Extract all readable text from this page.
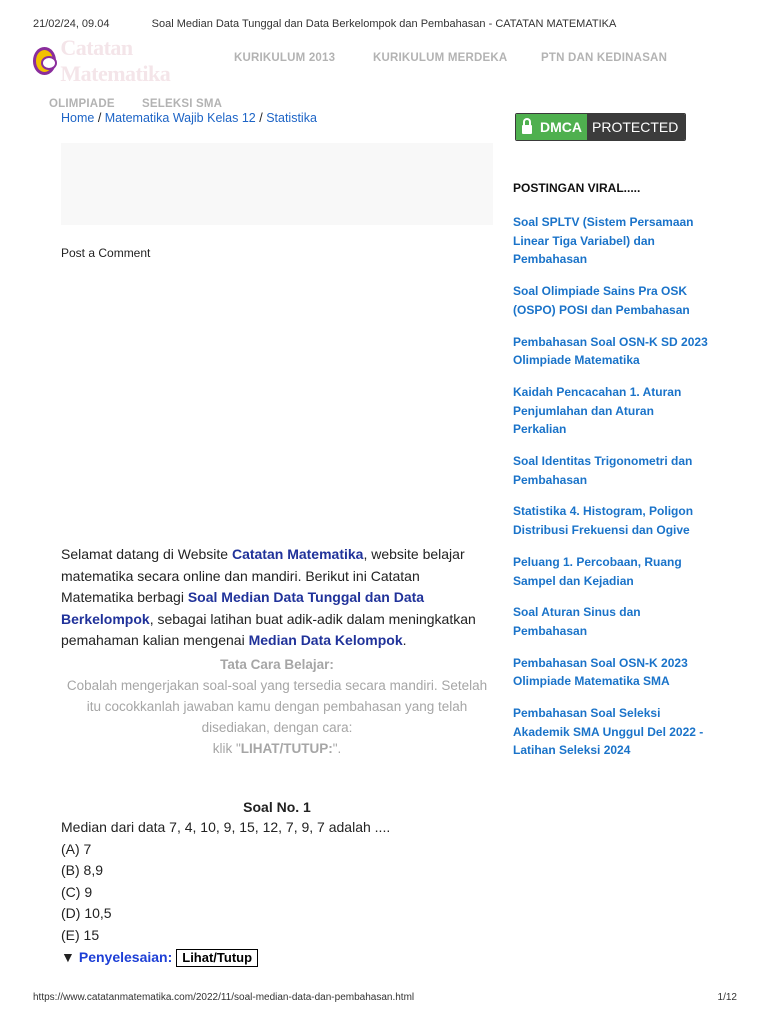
21/02/24, 09.04	Soal Median Data Tunggal dan Data Berkelompok dan Pembahasan - CATATAN MATEMATIKA
Catatan Matematika
KURIKULUM 2013	KURIKULUM MERDEKA	PTN DAN KEDINASAN
OLIMPIADE SELEKSI SMA
Home / Matematika Wajib Kelas 12 / Statistika
Post a Comment
Selamat datang di Website Catatan Matematika, website belajar matematika secara online dan mandiri. Berikut ini Catatan Matematika berbagi Soal Median Data Tunggal dan Data Berkelompok, sebagai latihan buat adik-adik dalam meningkatkan pemahaman kalian mengenai Median Data Kelompok.
Tata Cara Belajar:
Cobalah mengerjakan soal-soal yang tersedia secara mandiri. Setelah itu cocokkanlah jawaban kamu dengan pembahasan yang telah disediakan, dengan cara:
klik "LIHAT/TUTUP:".
Soal No. 1
Median dari data 7, 4, 10, 9, 15, 12, 7, 9, 7 adalah ....
(A) 7
(B) 8,9
(C) 9
(D) 10,5
(E) 15
▼ Penyelesaian: Lihat/Tutup
DMCA PROTECTED
POSTINGAN VIRAL.....
Soal SPLTV (Sistem Persamaan Linear Tiga Variabel) dan Pembahasan
Soal Olimpiade Sains Pra OSK (OSPO) POSI dan Pembahasan
Pembahasan Soal OSN-K SD 2023 Olimpiade Matematika
Kaidah Pencacahan 1. Aturan Penjumlahan dan Aturan Perkalian
Soal Identitas Trigonometri dan Pembahasan
Statistika 4. Histogram, Poligon Distribusi Frekuensi dan Ogive
Peluang 1. Percobaan, Ruang Sampel dan Kejadian
Soal Aturan Sinus dan Pembahasan
Pembahasan Soal OSN-K 2023 Olimpiade Matematika SMA
Pembahasan Soal Seleksi Akademik SMA Unggul Del 2022 - Latihan Seleksi 2024
https://www.catatanmatematika.com/2022/11/soal-median-data-dan-pembahasan.html	1/12
